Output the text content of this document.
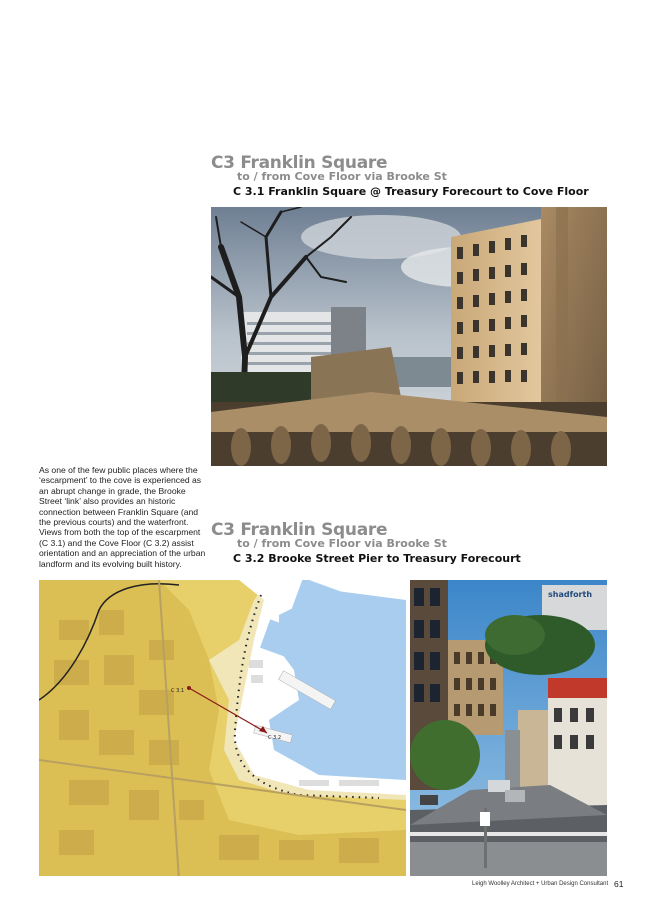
C3 Franklin Square
to / from Cove Floor via Brooke St
C 3.1 Franklin Square @ Treasury Forecourt to Cove Floor
As one of the few public places where the ‘escarpment’ to the cove is experienced as an abrupt change in grade, the Brooke Street ‘link’ also provides an historic connection between Franklin Square (and the previous courts) and the waterfront. Views from both the top of the escarpment (C 3.1) and the Cove Floor (C 3.2) assist orientation and an appreciation of the urban landform and its evolving built history.
C3 Franklin Square
to / from Cove Floor via Brooke St
C 3.2 Brooke Street Pier to Treasury Forecourt
C 3.1
C 3.2
shadforth
Leigh Woolley Architect + Urban Design Consultant 61
